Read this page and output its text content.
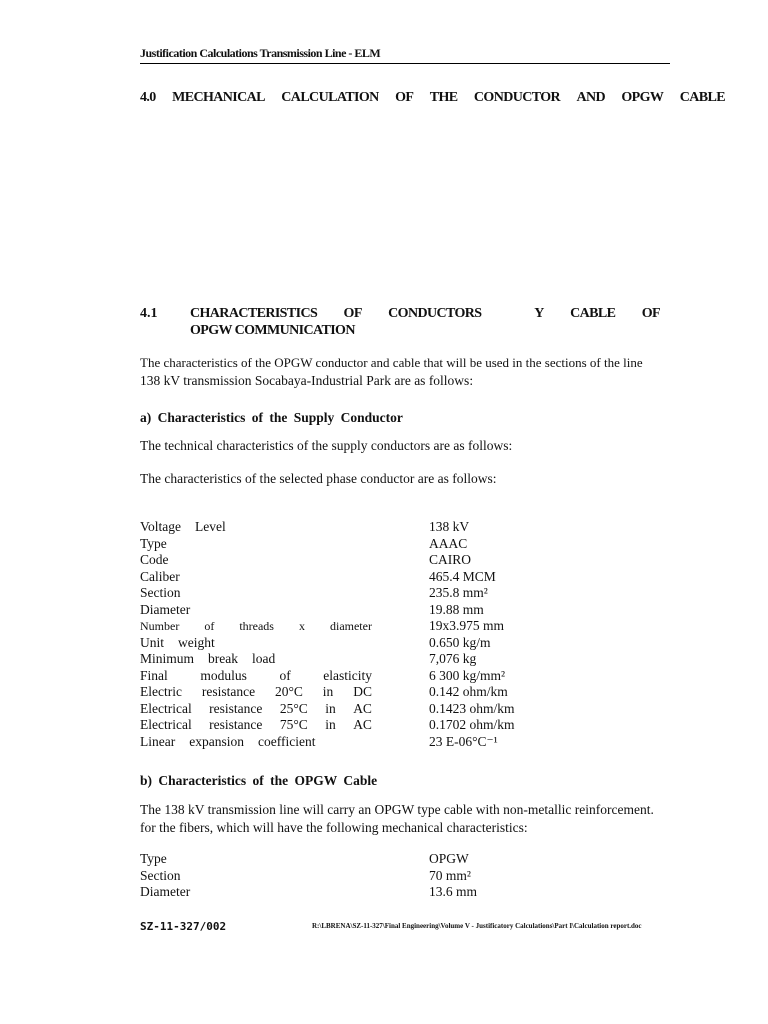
Justification Calculations Transmission Line - ELM
4.0 MECHANICAL CALCULATION OF THE CONDUCTOR AND OPGW CABLE
4.1 CHARACTERISTICS OF CONDUCTORS	Y CABLE OF
OPGW COMMUNICATION
The characteristics of the OPGW conductor and cable that will be used in the sections of the line
138 kV transmission Socabaya-Industrial Park are as follows:
a) Characteristics of the Supply Conductor
The technical characteristics of the supply conductors are as follows:
The characteristics of the selected phase conductor are as follows:
Voltage Level	138 kV
Type	AAAC
Code	CAIRO
Caliber	465.4 MCM
Section	235.8 mm²
Diameter	19.88 mm
Number of threads x diameter	19x3.975 mm
Unit weight	0.650 kg/m
Minimum break load	7,076 kg
Final modulus of elasticity	6 300 kg/mm²
Electric resistance 20°C in DC	0.142 ohm/km
Electrical resistance 25°C in AC	0.1423 ohm/km
Electrical resistance 75°C in AC	0.1702 ohm/km
Linear expansion coefficient	23 E-06°C⁻¹
b) Characteristics of the OPGW Cable
The 138 kV transmission line will carry an OPGW type cable with non-metallic reinforcement.
for the fibers, which will have the following mechanical characteristics:
Type	OPGW
Section	70 mm²
Diameter	13.6 mm
SZ-11-327/002	R:\LBRENA\SZ-11-327\Final Engineering\Volume V - Justificatory Calculations\Part I\Calculation report.doc
